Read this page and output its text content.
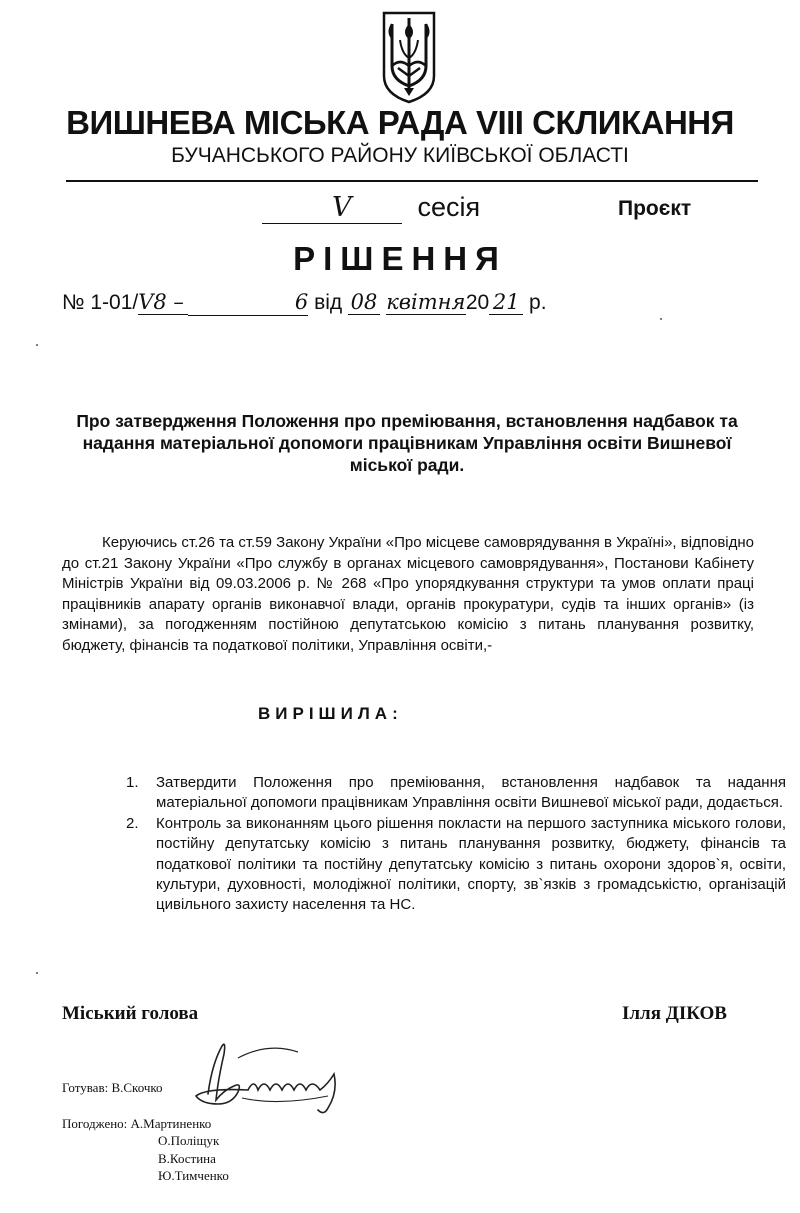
ВИШНЕВА МІСЬКА РАДА VIII СКЛИКАННЯ
БУЧАНСЬКОГО РАЙОНУ КИЇВСЬКОЇ ОБЛАСТІ
V сесія	Проєкт
РІШЕННЯ
№ 1-01/V8 –	6 від 08 квітня20 21 р.
Про затвердження Положення про преміювання, встановлення надбавок та надання матеріальної допомоги працівникам Управління освіти Вишневої міської ради.
Керуючись ст.26 та ст.59 Закону України «Про місцеве самоврядування в Україні», відповідно до ст.21 Закону України «Про службу в органах місцевого самоврядування», Постанови Кабінету Міністрів України від 09.03.2006 р. № 268 «Про упорядкування структури та умов оплати праці працівників апарату органів виконавчої влади, органів прокуратури, судів та інших органів» (із змінами), за погодженням постійною депутатською комісію з питань планування розвитку, бюджету, фінансів та податкової політики, Управління освіти,-
ВИРІШИЛА:
1. Затвердити Положення про преміювання, встановлення надбавок та надання матеріальної допомоги працівникам Управління освіти Вишневої міської ради, додається.
2. Контроль за виконанням цього рішення покласти на першого заступника міського голови, постійну депутатську комісію з питань планування розвитку, бюджету, фінансів та податкової політики та постійну депутатську комісію з питань охорони здоров`я, освіти, культури, духовності, молодіжної політики, спорту, зв`язків з громадськістю, організацій цивільного захисту населення та НС.
Міський голова	Ілля ДІКОВ
Готував: В.Скочко
Погоджено: А.Мартиненко
О.Поліщук
В.Костина
Ю.Тимченко
